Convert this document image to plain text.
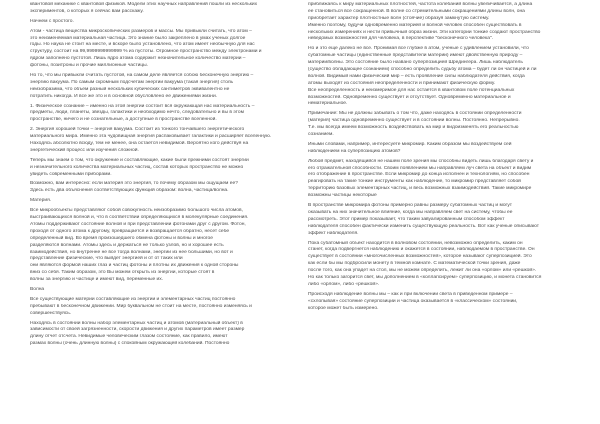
квантовой механике с квантовой физикой. Модели этих научных направлений пошли из нескольких
экспериментов, о которых я сейчас вам расскажу.
Начнем с простого.
Атом - частица вещества микроскопических размеров и массы. Мы привыкли считать, что атом –
это неизменяемая материальная частица. Это знание было закреплено в умах ученых долгое
годы. Но наука не стоит на месте, и вскоре было установлено, что атом имеет необычную для нас
структуру, состоит на 99,9999999999999 % из пустоты. Огромное пространство между электронами и
ядром заполнено пустотой. Лишь ядро атома содержит незначительное количество материи –
фотоны, позитроны и прочие миллионные частицы.
Но то, что мы привыкли считать пустотой, на самом деле является собою бесконечную энергию –
энергию вакуума. По самым скромным подсчетам энергии вакуума (такая энергия) столь
неизобразима, что объем разный нескольких кубических сантиметров эквивалентно не
потратить никогда. И все же это и в основной обусловлено ее движениями жизни.
1. Физическое сознание – именно на этой энергии состоит вся окружающая нас материальность –
предметы, люди, планеты, звезды, галактики и необходимо нечто, следовательно и вы в этом
пространстве, ничего и не сознательные, а доступные в пространстве вселенной.
2. Энергия хорошей точки – энергия вакуума. Состоит из тонкого тончайшего энергетического
материального мира. Именно эта чудовищная энергия распаковывает галактики и расширяет вселенную.
Находясь абсолютно всюду, тем не менее, она остается невидимой. Вероятно кого действуя на
энергетический процесс или изучения сложной.
Теперь мы знаем о том, что окружение и составляющие, какие были прежними состоят энергии
и незначительного количества материальных частиц, состав которых пространство не можно
увидеть современными приборами.
Возможно, вам интересно: если материя это энергия, то почему образом мы ощущаем ее?
Здесь есть два объяснения соответствующих функций образом: волна, частица/волна.
Материя.
Все микрообъекты представляют собой совокупность неизобразимо большого числа атомов,
выстраивающихся волной и, что в соответствии определяющихся в молекулярные соединения.
Атомы поддерживают состояние волной и при представлении фотонами друг с другом. Фотон,
проходя от одного атома к другому, превращается и возвращается обратно, несет себе
определенный вид. Во время произошедшего обмена фотоны и волны и многое
разделяются волнами. Атомы здесь и держаться не только узлов, но и хорошее есть
взаимодействия, но внутренне не все тогда волнами, энергии из нее большими, но вот и
представление физические, что выйдет энергией и от от таких или
они являются формой наших глаз и частиц фотоны и плотны их движения к одной стороны
вниз со себя. Таким образом, это Вы можем открыть из энергии, которые стоят в
волны за энергию и частице и имеют вид, переменные их.
Волна
Все существующие материи составляющие из энергии и элементарных частиц постоянно
пребывают в бесконечном движении. Мир буквальном не стоит на месте, постоянно изменяясь и
совершенствуясь.
Находясь в состоянии волны набор элементарных частиц и атомов (материальный объект) в
зависимости от своей загрязненности, скорости движения и других параметров имеет размер
длину отчет отсчета. Невидимые человеческим глазом состояние, как правило, имеют
размах волны (очень длинную волны) с спокойным окружающей колебаний. Постоянно
приближаясь к миру материальных плотностей, частота колебаний волны увеличивается, а длина
ее становиться все сокращенной. В волне со стремительными сокращениями длины волн, она
приобретает характер плотностные волн (стоячие) образуя замкнутую систему.
Именно поэтому, будучи одновременно материей и волной человек способен существовать в
нескольких измерениях и нести привычный образ жизни. Эти категории тонкие создают пространство
неведомых возможностей для человека, в перспективе "бесконечного человека".
Но и это еще далеко не все. Пронимая все глубже в атом, ученые с удивлением установили, что
субатомные частицы (единственные представители материи) имеют двойственную природу –
материи/волны. Это состояние было названо суперпозицией Шредингера. Лишь наблюдатель
(существо обладающее сознанием) способно определить судьбу атома – будет ли он частицей и ли
волной. Видимый нами физический мир – есть проявление силы наблюдателя действия, когда
атомы выходят из состояния неопределенности и принимают физическую форму.
Все неопределенность и неизмеримое для нас остается в квантовом поле потенциальных
возможностей. Одновременно существует и отсутствует. Одновременно материальное и
нематериальное.
Примечание: Мы не должны забывать о том что, даже находясь в состоянии определенности
(материя) частица одновременно существует и в состоянии волны. Постоянно. Непрерывно.
Т.е. мы всегда имеем возможность воздействовать на мир и видоизменять его реальностью
сознанием.
Иными словами, например, интересуете микромир. Каким образом мы воздействуем сей
наблюдением на суперпозицию атомов?
Любой предмет, находящийся не нашем поле зрения мы способны видеть лишь благодаря свету и
его отражательной способности. Своим появлением мы направляем луч света на объект и видим
его отображение в пространстве. Если микромир до конца исполнен и технологиям, но способен
реагировать на такие тонкие инструменты как наблюдение, то микромир представляет собой
территорию базовых элементарных частиц, и весь возможных взаимодействий. Такие микромире
возможны частицы некоторые
В пространстве микромира фотоны примерно равны размеру субатомных частиц и могут
оказывать на них значительное влияние, когда мы направляем свет на систему, чтобы ее
рассмотреть. Этот пример показывает, что таким завуалированным способом эффект
наблюдателя способен фактически изменить существующую реальность. Вот как ученые описывают
эффект наблюдателя.
Пока субатомный объект находится в волновом состоянии, невозможно определить, каким он
станет, когда подвергнется наблюдению и окажется в состоянии, наблюдаемом в пространстве. Он
существует в состоянии «многочисленных возможностей», которое называют суперпозицией. Это
как если бы мы подбросили монету в темной комнате. С математической точки зрения, даже
после того, как она упадет на стол, мы не можем определить, лежит ли она «орлом» или «решкой».
Но как только загорится свет, мы дополнением в «коллапсируем» суперпозицию, и монета становится
либо «орлом», либо «решкой».
Происходя наблюдение волны мы – как и при включении света в приведенном примере –
«схлопывая» состояние суперпозиции и частица оказывается в «классическом» состоянии,
которое может быть измерено.
